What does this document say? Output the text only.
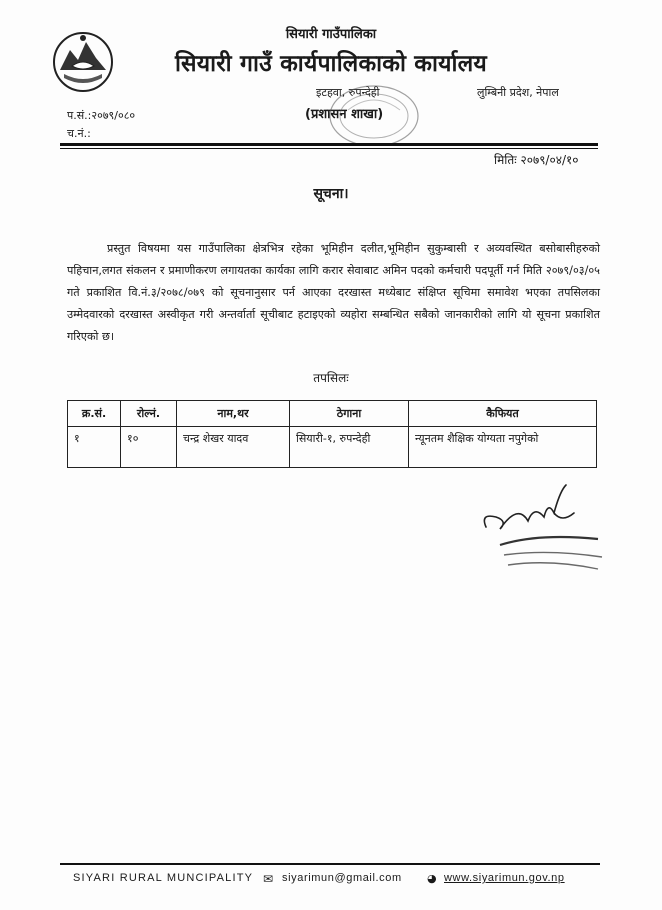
सियारी गाउँपालिका
सियारी गाउँ कार्यपालिकाको कार्यालय
इटहवा, रुपन्देही	लुम्बिनी प्रदेश, नेपाल
(प्रशासन शाखा)
प.सं.:२०७९/०८०
च.नं.:
मितिः २०७९/०४/१०
सूचना।
प्रस्तुत विषयमा यस गाउँपालिका क्षेत्रभित्र रहेका भूमिहीन दलीत,भूमिहीन सुकुम्बासी र अव्यवस्थित बसोबासीहरुको पहिचान,लगत संकलन र प्रमाणीकरण लगायतका कार्यका लागि करार सेवाबाट अमिन पदको कर्मचारी पदपूर्ती गर्न मिति २०७९/०३/०५ गते प्रकाशित वि.नं.३/२०७८/०७९ को सूचनानुसार पर्न आएका दरखास्त मध्येबाट संक्षिप्त सूचिमा समावेश भएका तपसिलका उम्मेदवारको दरखास्त अस्वीकृत गरी अन्तर्वार्ता सूचीबाट हटाइएको व्यहोरा सम्बन्धित सबैको जानकारीको लागि यो सूचना प्रकाशित गरिएको छ।
तपसिलः
क्र.सं.	रोल्नं.	नाम,थर	ठेगाना	कैफियत
१	१०	चन्द्र शेखर यादव	सियारी-१, रुपन्देही	न्यूनतम शैक्षिक योग्यता नपुगेको
SIYARI RURAL MUNCIPALITY ✉ siyarimun@gmail.com ◕ www.siyarimun.gov.np
